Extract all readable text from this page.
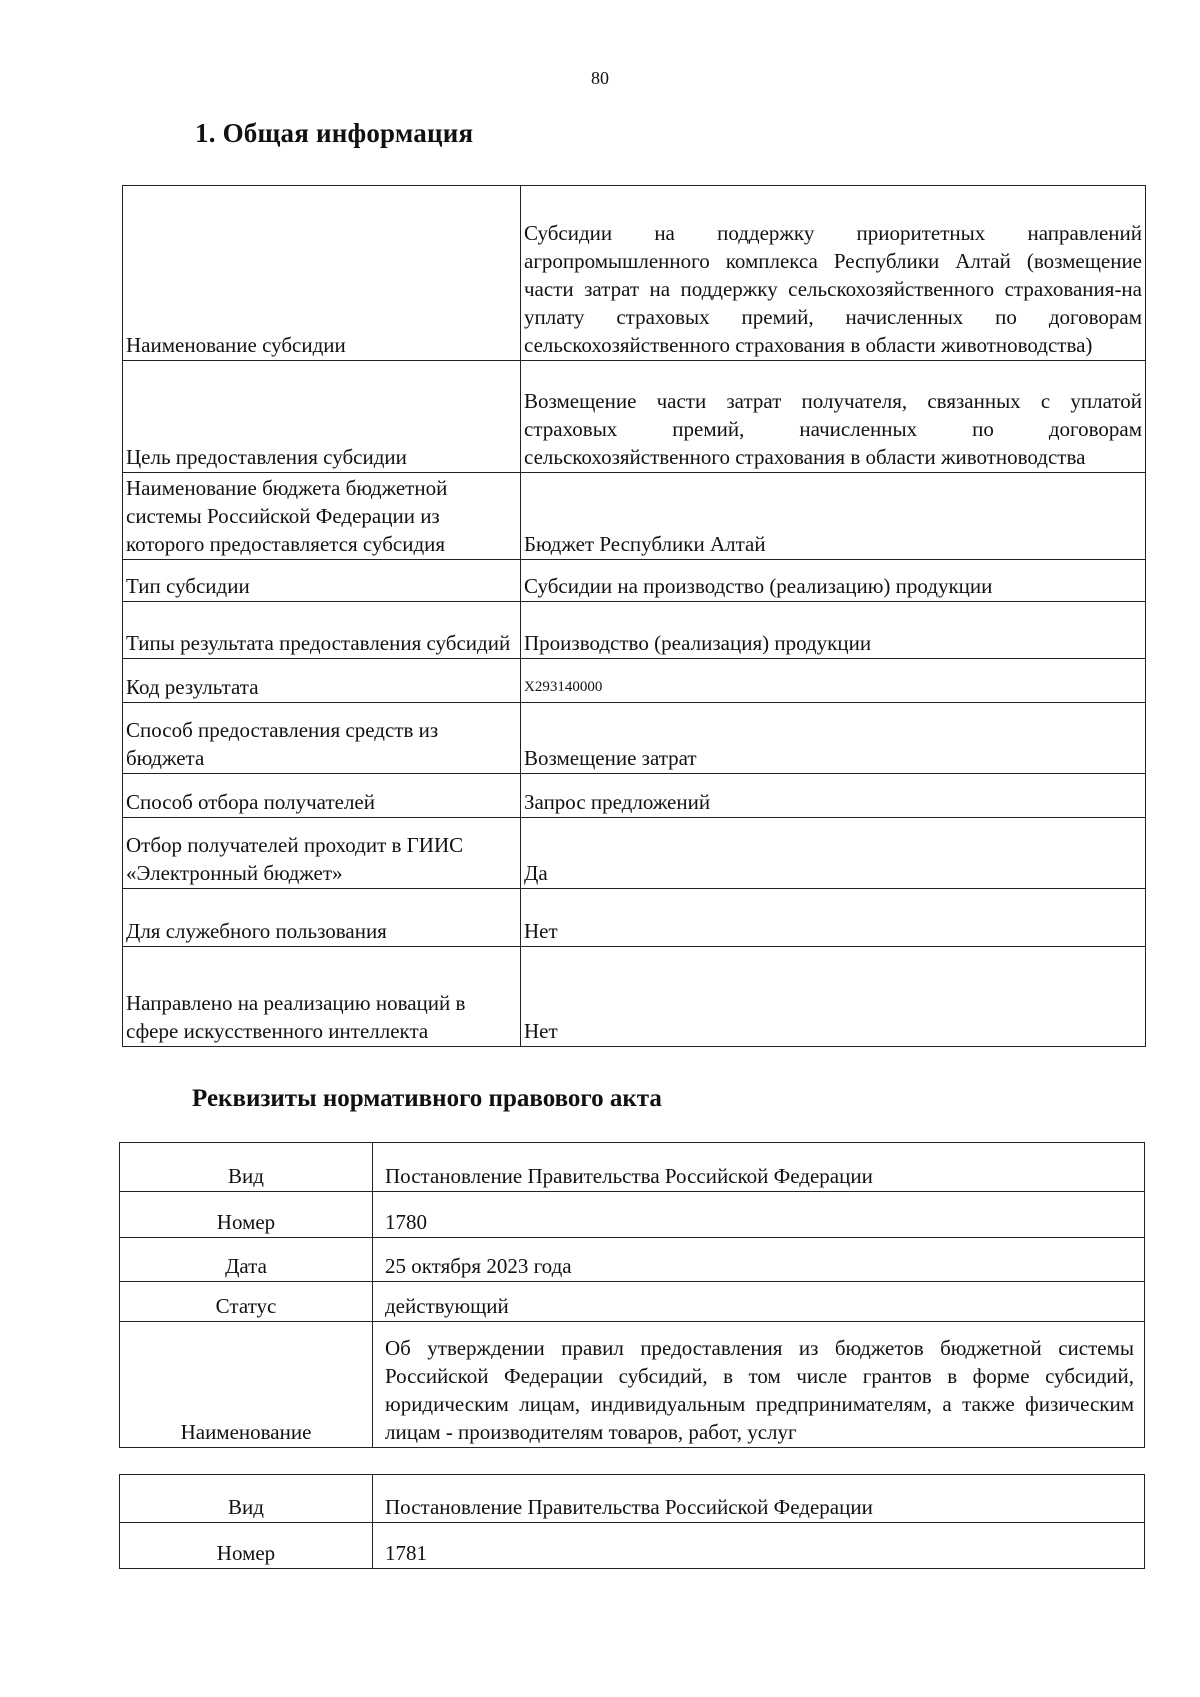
80
1. Общая информация
Наименование субсидии	Субсидии на поддержку приоритетных направлений агропромышленного комплекса Республики Алтай (возмещение части затрат на поддержку сельскохозяйственного страхования-на уплату страховых премий, начисленных по договорам сельскохозяйственного страхования в области животноводства)
Цель предоставления субсидии	Возмещение части затрат получателя, связанных с уплатой страховых премий, начисленных по договорам сельскохозяйственного страхования в области животноводства
Наименование бюджета бюджетной системы Российской Федерации из которого предоставляется субсидия	Бюджет Республики Алтай
Тип субсидии	Субсидии на производство (реализацию) продукции
Типы результата предоставления субсидий	Производство (реализация) продукции
Код результата	Х293140000
Способ предоставления средств из бюджета	Возмещение затрат
Способ отбора получателей	Запрос предложений
Отбор получателей проходит в ГИИС «Электронный бюджет»	Да
Для служебного пользования	Нет
Направлено на реализацию новаций в сфере искусственного интеллекта	Нет
Реквизиты нормативного правового акта
Вид	Постановление Правительства Российской Федерации
Номер	1780
Дата	25 октября 2023 года
Статус	действующий
Наименование	Об утверждении правил предоставления из бюджетов бюджетной системы Российской Федерации субсидий, в том числе грантов в форме субсидий, юридическим лицам, индивидуальным предпринимателям, а также физическим лицам - производителям товаров, работ, услуг
Вид	Постановление Правительства Российской Федерации
Номер	1781
